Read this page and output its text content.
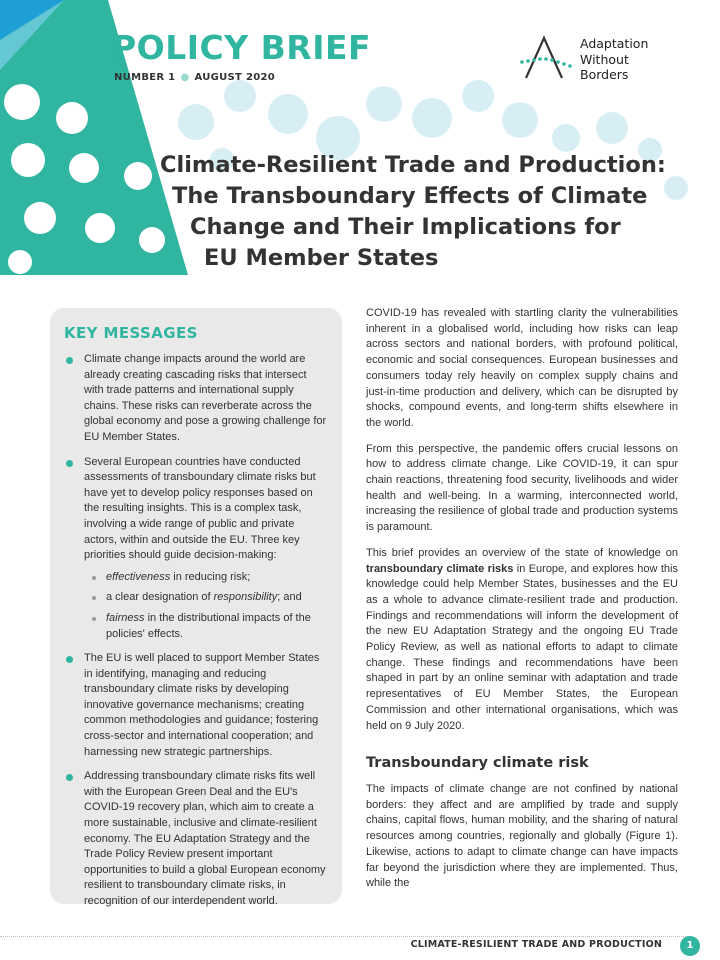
POLICY BRIEF
NUMBER 1 ● AUGUST 2020
Adaptation
Without
Borders
Climate-Resilient Trade and Production:
The Transboundary Effects of Climate
Change and Their Implications for
EU Member States
KEY MESSAGES
Climate change impacts around the world are already creating cascading risks that intersect with trade patterns and international supply chains. These risks can reverberate across the global economy and pose a growing challenge for EU Member States.
Several European countries have conducted assessments of transboundary climate risks but have yet to develop policy responses based on the resulting insights. This is a complex task, involving a wide range of public and private actors, within and outside the EU. Three key priorities should guide decision-making:
effectiveness in reducing risk;
a clear designation of responsibility; and
fairness in the distributional impacts of the policies' effects.
The EU is well placed to support Member States in identifying, managing and reducing transboundary climate risks by developing innovative governance mechanisms; creating common methodologies and guidance; fostering cross-sector and international cooperation; and harnessing new strategic partnerships.
Addressing transboundary climate risks fits well with the European Green Deal and the EU's COVID-19 recovery plan, which aim to create a more sustainable, inclusive and climate-resilient economy. The EU Adaptation Strategy and the Trade Policy Review present important opportunities to build a global European economy resilient to transboundary climate risks, in recognition of our interdependent world.

COVID-19 has revealed with startling clarity the vulnerabilities inherent in a globalised world, including how risks can leap across sectors and national borders, with profound political, economic and social consequences. European businesses and consumers today rely heavily on complex supply chains and just-in-time production and delivery, which can be disrupted by shocks, compound events, and long-term shifts elsewhere in the world.

From this perspective, the pandemic offers crucial lessons on how to address climate change. Like COVID-19, it can spur chain reactions, threatening food security, livelihoods and wider health and well-being. In a warming, interconnected world, increasing the resilience of global trade and production systems is paramount.

This brief provides an overview of the state of knowledge on transboundary climate risks in Europe, and explores how this knowledge could help Member States, businesses and the EU as a whole to advance climate-resilient trade and production. Findings and recommendations will inform the development of the new EU Adaptation Strategy and the ongoing EU Trade Policy Review, as well as national efforts to adapt to climate change. These findings and recommendations have been shaped in part by an online seminar with adaptation and trade representatives of EU Member States, the European Commission and other international organisations, which was held on 9 July 2020.

Transboundary climate risk

The impacts of climate change are not confined by national borders: they affect and are amplified by trade and supply chains, capital flows, human mobility, and the sharing of natural resources among countries, regionally and globally (Figure 1). Likewise, actions to adapt to climate change can have impacts far beyond the jurisdiction where they are implemented. Thus, while the

CLIMATE-RESILIENT TRADE AND PRODUCTION	1
